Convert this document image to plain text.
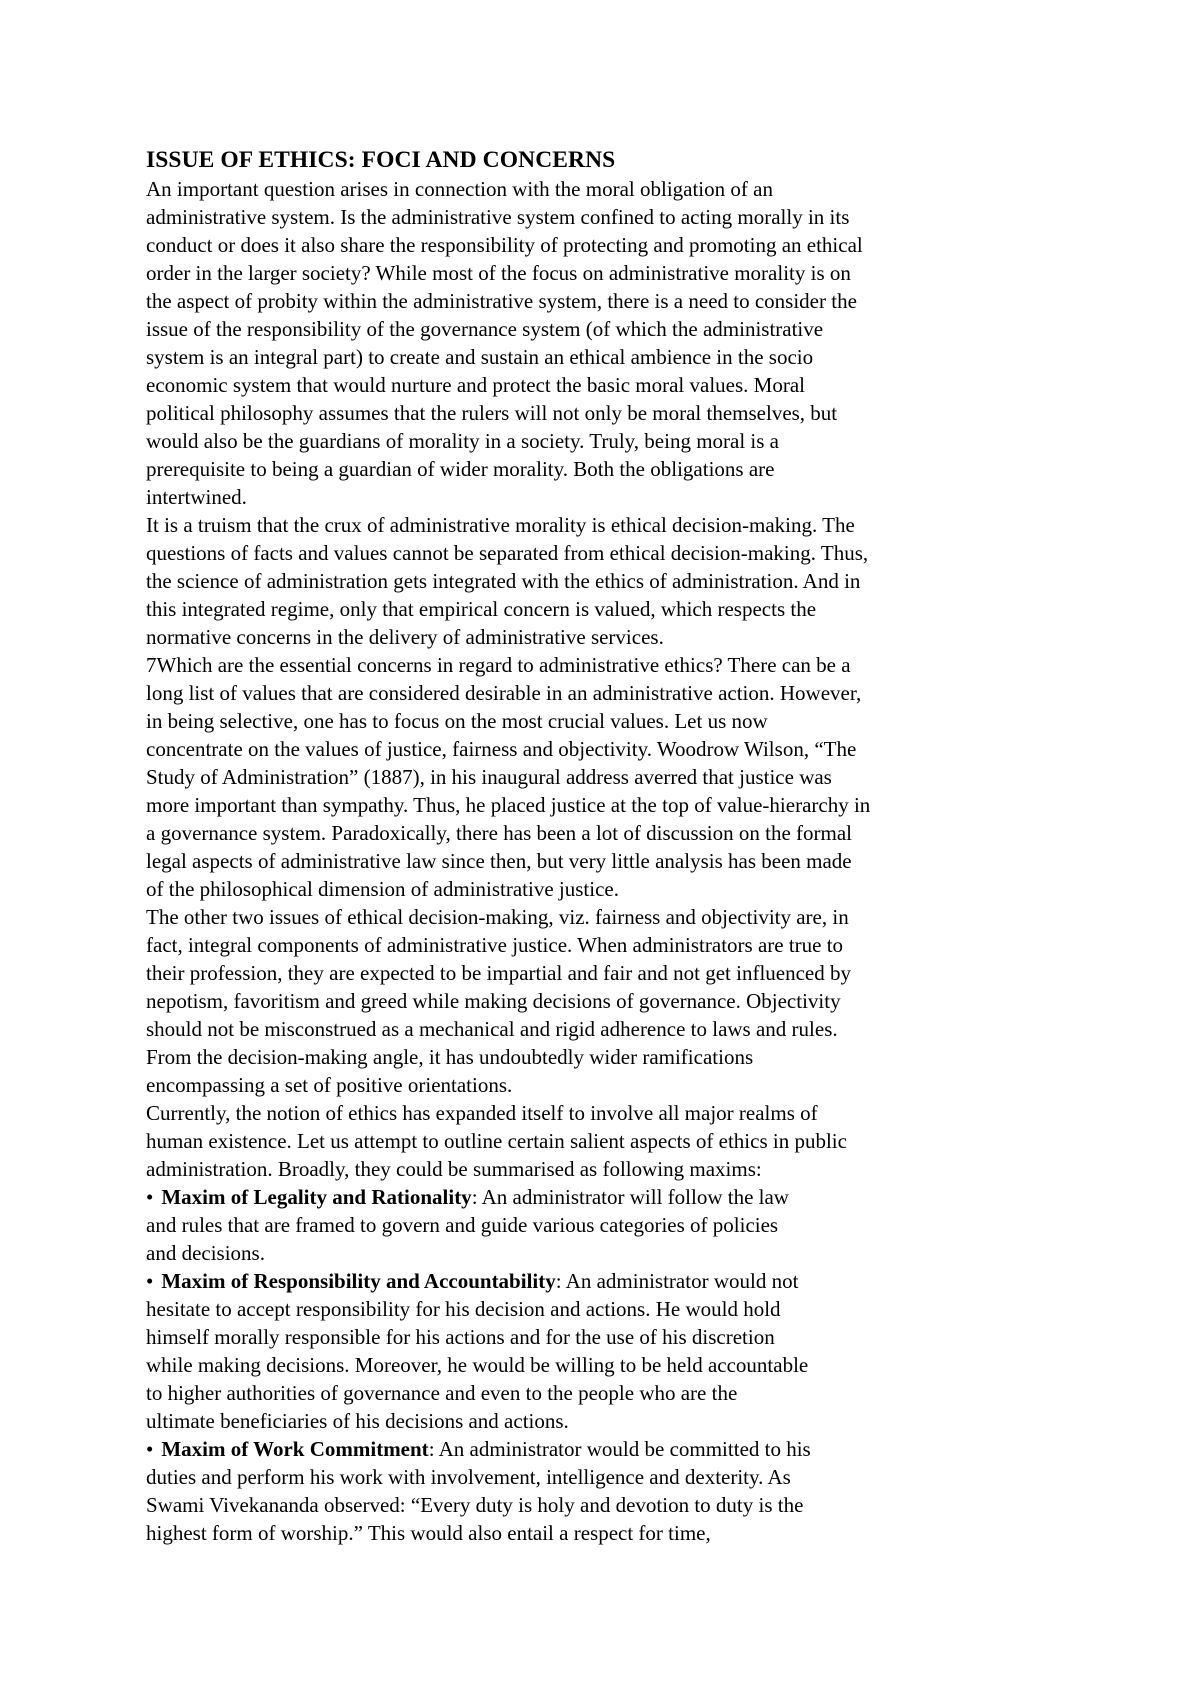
ISSUE OF ETHICS: FOCI AND CONCERNS

An important question arises in connection with the moral obligation of an
administrative system. Is the administrative system confined to acting morally in its
conduct or does it also share the responsibility of protecting and promoting an ethical
order in the larger society? While most of the focus on administrative morality is on
the aspect of probity within the administrative system, there is a need to consider the
issue of the responsibility of the governance system (of which the administrative
system is an integral part) to create and sustain an ethical ambience in the socio
economic system that would nurture and protect the basic moral values. Moral
political philosophy assumes that the rulers will not only be moral themselves, but
would also be the guardians of morality in a society. Truly, being moral is a
prerequisite to being a guardian of wider morality. Both the obligations are
intertwined.

It is a truism that the crux of administrative morality is ethical decision-making. The
questions of facts and values cannot be separated from ethical decision-making. Thus,
the science of administration gets integrated with the ethics of administration. And in
this integrated regime, only that empirical concern is valued, which respects the
normative concerns in the delivery of administrative services.

7Which are the essential concerns in regard to administrative ethics? There can be a
long list of values that are considered desirable in an administrative action. However,
in being selective, one has to focus on the most crucial values. Let us now
concentrate on the values of justice, fairness and objectivity. Woodrow Wilson, “The
Study of Administration” (1887), in his inaugural address averred that justice was
more important than sympathy. Thus, he placed justice at the top of value-hierarchy in
a governance system. Paradoxically, there has been a lot of discussion on the formal
legal aspects of administrative law since then, but very little analysis has been made
of the philosophical dimension of administrative justice.

The other two issues of ethical decision-making, viz. fairness and objectivity are, in
fact, integral components of administrative justice. When administrators are true to
their profession, they are expected to be impartial and fair and not get influenced by
nepotism, favoritism and greed while making decisions of governance. Objectivity
should not be misconstrued as a mechanical and rigid adherence to laws and rules.
From the decision-making angle, it has undoubtedly wider ramifications
encompassing a set of positive orientations.

Currently, the notion of ethics has expanded itself to involve all major realms of
human existence. Let us attempt to outline certain salient aspects of ethics in public
administration. Broadly, they could be summarised as following maxims:

• Maxim of Legality and Rationality: An administrator will follow the law
and rules that are framed to govern and guide various categories of policies
and decisions.
• Maxim of Responsibility and Accountability: An administrator would not
hesitate to accept responsibility for his decision and actions. He would hold
himself morally responsible for his actions and for the use of his discretion
while making decisions. Moreover, he would be willing to be held accountable
to higher authorities of governance and even to the people who are the
ultimate beneficiaries of his decisions and actions.
• Maxim of Work Commitment: An administrator would be committed to his
duties and perform his work with involvement, intelligence and dexterity. As
Swami Vivekananda observed: “Every duty is holy and devotion to duty is the
highest form of worship.” This would also entail a respect for time,
